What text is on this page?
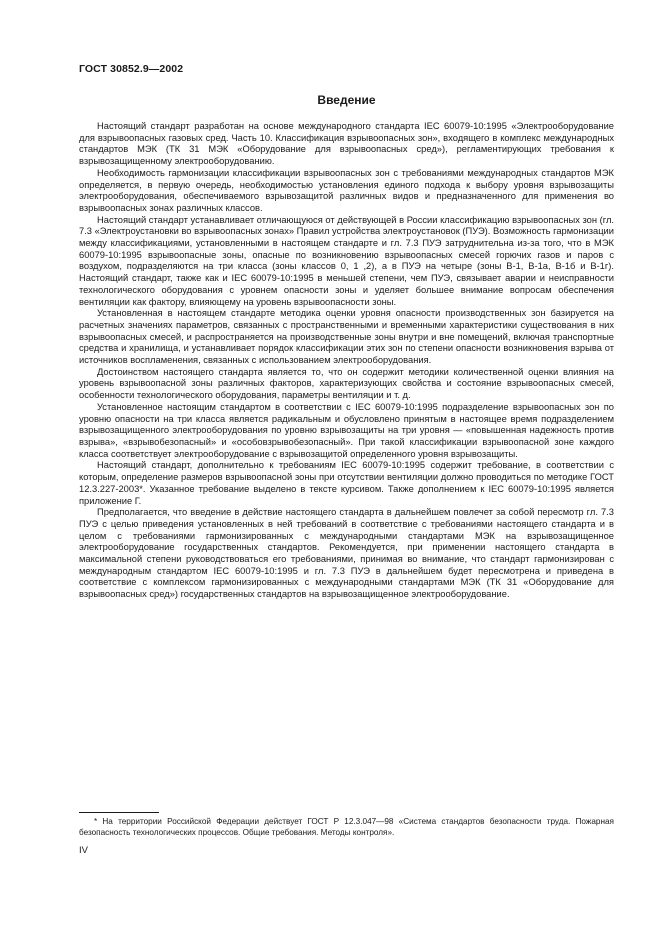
ГОСТ 30852.9—2002
Введение

Настоящий стандарт разработан на основе международного стандарта IEC 60079-10:1995 «Электрооборудование для взрывоопасных газовых сред. Часть 10. Классификация взрывоопасных зон», входящего в комплекс международных стандартов МЭК (ТК 31 МЭК «Оборудование для взрывоопасных сред»), регламентирующих требования к взрывозащищенному электрооборудованию.

Необходимость гармонизации классификации взрывоопасных зон с требованиями международных стандартов МЭК определяется, в первую очередь, необходимостью установления единого подхода к выбору уровня взрывозащиты электрооборудования, обеспечиваемого взрывозащитой различных видов и предназначенного для применения во взрывоопасных зонах различных классов.

Настоящий стандарт устанавливает отличающуюся от действующей в России классификацию взрывоопасных зон (гл. 7.3 «Электроустановки во взрывоопасных зонах» Правил устройства электроустановок (ПУЭ). Возможность гармонизации между классификациями, установленными в настоящем стандарте и гл. 7.3 ПУЭ затруднительна из-за того, что в МЭК 60079-10:1995 взрывоопасные зоны, опасные по возникновению взрывоопасных смесей горючих газов и паров с воздухом, подразделяются на три класса (зоны классов 0, 1 ,2), а в ПУЭ на четыре (зоны В-1, В-1а, В-1б и В-1г). Настоящий стандарт, также как и IEC 60079-10:1995 в меньшей степени, чем ПУЭ, связывает аварии и неисправности технологического оборудования с уровнем опасности зоны и уделяет большее внимание вопросам обеспечения вентиляции как фактору, влияющему на уровень взрывоопасности зоны.

Установленная в настоящем стандарте методика оценки уровня опасности производственных зон базируется на расчетных значениях параметров, связанных с пространственными и временными характеристики существования в них взрывоопасных смесей, и распространяется на производственные зоны внутри и вне помещений, включая транспортные средства и хранилища, и устанавливает порядок классификации этих зон по степени опасности возникновения взрыва от источников воспламенения, связанных с использованием электрооборудования.

Достоинством настоящего стандарта является то, что он содержит методики количественной оценки влияния на уровень взрывоопасной зоны различных факторов, характеризующих свойства и состояние взрывоопасных смесей, особенности технологического оборудования, параметры вентиляции и т. д.

Установленное настоящим стандартом в соответствии с IEC 60079-10:1995 подразделение взрывоопасных зон по уровню опасности на три класса является радикальным и обусловлено принятым в настоящее время подразделением взрывозащищенного электрооборудования по уровню взрывозащиты на три уровня — «повышенная надежность против взрыва», «взрывобезопасный» и «особовзрывобезопасный». При такой классификации взрывоопасной зоне каждого класса соответствует электрооборудование с взрывозащитой определенного уровня взрывозащиты.

Настоящий стандарт, дополнительно к требованиям IEC 60079-10:1995 содержит требование, в соответствии с которым, определение размеров взрывоопасной зоны при отсутствии вентиляции должно проводиться по методике ГОСТ 12.3.227-2003*. Указанное требование выделено в тексте курсивом. Также дополнением к IEC 60079-10:1995 является приложение Г.

Предполагается, что введение в действие настоящего стандарта в дальнейшем повлечет за собой пересмотр гл. 7.3 ПУЭ с целью приведения установленных в ней требований в соответствие с требованиями настоящего стандарта и в целом с требованиями гармонизированных с международными стандартами МЭК на взрывозащищенное электрооборудование государственных стандартов. Рекомендуется, при применении настоящего стандарта в максимальной степени руководствоваться его требованиями, принимая во внимание, что стандарт гармонизирован с международным стандартом IEC 60079-10:1995 и гл. 7.3 ПУЭ в дальнейшем будет пересмотрена и приведена в соответствие с комплексом гармонизированных с международными стандартами МЭК (ТК 31 «Оборудование для взрывоопасных сред») государственных стандартов на взрывозащищенное электрооборудование.

* На территории Российской Федерации действует ГОСТ Р 12.3.047—98 «Система стандартов безопасности труда. Пожарная безопасность технологических процессов. Общие требования. Методы контроля».
IV
